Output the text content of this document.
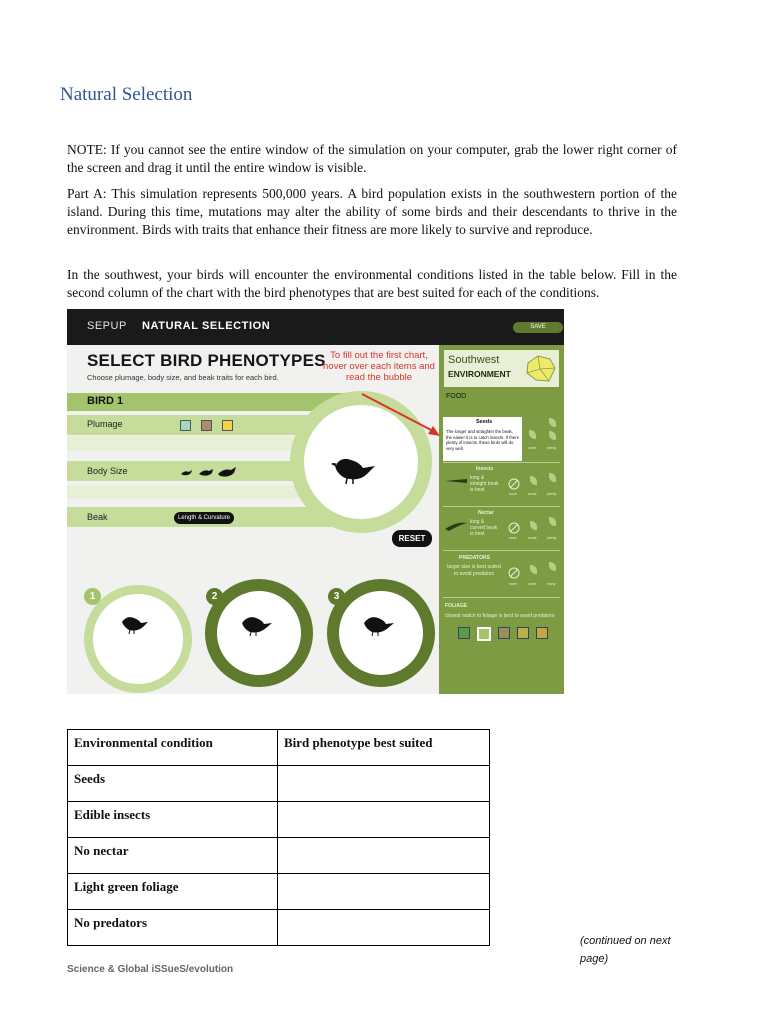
Natural Selection
NOTE: If you cannot see the entire window of the simulation on your computer, grab the lower right corner of the screen and drag it until the entire window is visible.
Part A: This simulation represents 500,000 years. A bird population exists in the southwestern portion of the island. During this time, mutations may alter the ability of some birds and their descendants to thrive in the environment. Birds with traits that enhance their fitness are more likely to survive and reproduce.
In the southwest, your birds will encounter the environmental conditions listed in the table below. Fill in the second column of the chart with the bird phenotypes that are best suited for each of the conditions.
SEPUP NATURAL SELECTION	SAVE
SELECT BIRD PHENOTYPES
Choose plumage, body size, and beak traits for each bird.
To fill out the first chart, hover over each items and read the bubble
BIRD 1
Plumage
Body Size
Beak	Length & Curvature
RESET
1	2	3
Southwest
ENVIRONMENT
FOOD
Seeds
The longer and straighter the beak, the easier it is to catch insects. If there plenty of insects, these birds will do very well.	some	plenty
Insects
long & straight beak is best
none	some	plenty
Nectar
long & curved beak is best
none	some	plenty
PREDATORS
larger size is best suited to avoid predators
none	some	many
FOLIAGE
closest match to foliage is best to avoid predators
Environmental condition	Bird phenotype best suited
Seeds	
Edible insects	
No nectar	
Light green foliage	
No predators	
(continued on next page)
Science & Global iSSueS/evolution
